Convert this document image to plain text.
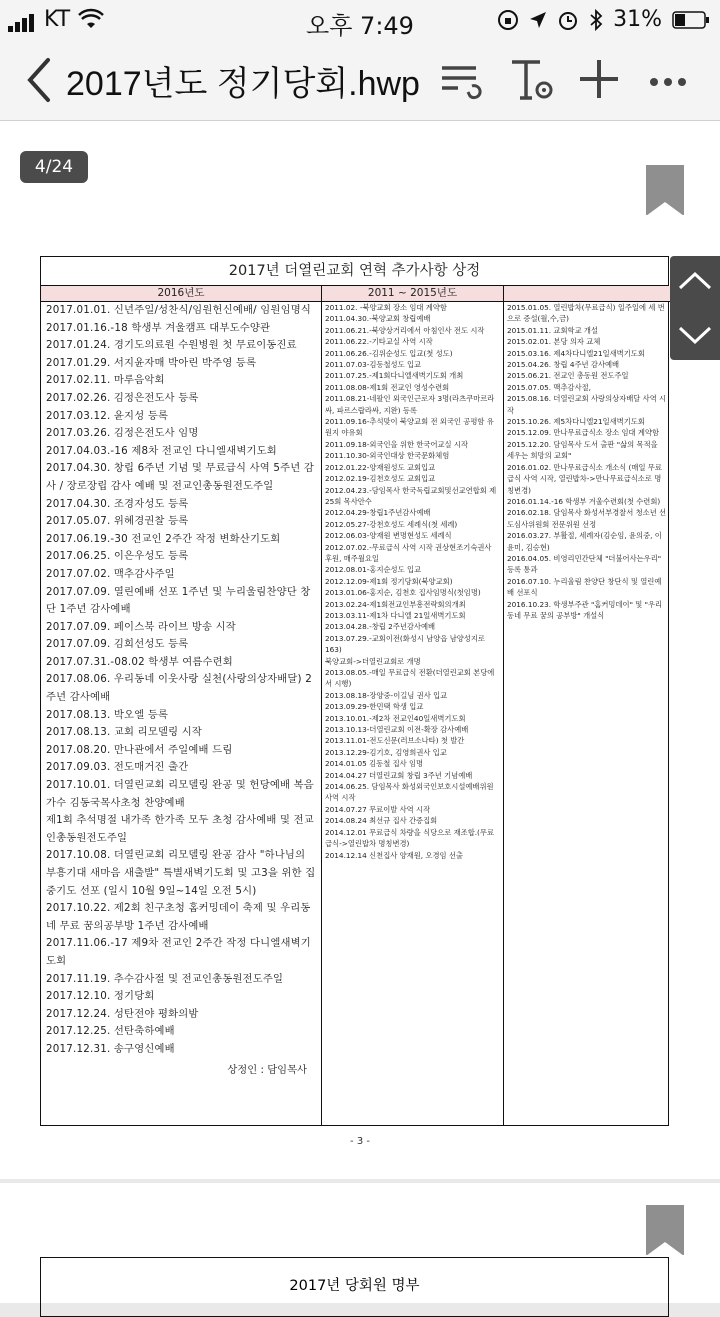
KT	오후 7:49	31%
2017년도 정기당회.hwp
2017년 더열린교회 연혁 추가사항 상정
2016년도
2017.01.01. 신년주일/성찬식/임원헌신예배/ 임원임명식
2017.01.16.-18 학생부 겨울캠프 대부도수양관
2017.01.24. 경기도의료원 수원병원 첫 무료이동진료
2017.01.29. 서지윤자매 박아린 박주영 등록
2017.02.11. 마루음악회
2017.02.26. 김정은전도사 등록
2017.03.12. 윤지성 등록
2017.03.26. 김정은전도사 임명
2017.04.03.-16 제8차 전교인 다니엘새벽기도회
2017.04.30. 창립 6주년 기념 및 무료급식 사역 5주년 감사 / 장로장립 감사 예배 및 전교인총동원전도주일
2017.04.30. 조경자성도 등록
2017.05.07. 위혜경권찰 등록
2017.06.19.-30 전교인 2주간 작정 변화산기도회
2017.06.25. 이은우성도 등록
2017.07.02. 맥추감사주일
2017.07.09. 열린예배 선포 1주년 및 누리울림찬양단 창단 1주년 감사예배
2017.07.09. 페이스북 라이브 방송 시작
2017.07.09. 김희선성도 등록
2017.07.31.-08.02 학생부 여름수련회
2017.08.06. 우리동네 이웃사랑 실천(사랑의상자배달) 2주년 감사예배
2017.08.13. 박오엘 등록
2017.08.13. 교회 리모델링 시작
2017.08.20. 만나관에서 주일예배 드림
2017.09.03. 전도매거진 출간
2017.10.01. 더열린교회 리모델링 완공 및 헌당예배 복음가수 김동국목사초청 찬양예배
제1회 추석명절 내가족 한가족 모두 초청 감사예배 및 전교인총동원전도주일
2017.10.08. 더열린교회 리모델링 완공 감사 "하나님의 부흥기대 새마음 새출발" 특별새벽기도회 및 고3을 위한 집중기도 선포 (일시 10월 9일~14일 오전 5시)
2017.10.22. 제2회 친구초청 홈커밍데이 축제 및 우리동네 무료 꿈의공부방 1주년 감사예배
2017.11.06.-17 제9차 전교인 2주간 작정 다니엘새벽기도회
2017.11.19. 추수감사절 및 전교인총동원전도주일
2017.12.10. 정기당회
2017.12.24. 성탄전야 평화의밤
2017.12.25. 선탄축하예배
2017.12.31. 송구영신예배
상정인 : 담임목사
2011 ~ 2015년도
2011.02. -북양교회 장소 임대 계약함
2011.04.30.-북양교회 창립예배
2011.06.21.-북양상거리에서 아침인사 전도 시작
2011.06.22.-기타교실 사역 시작
2011.06.26.-김위순성도 입교(첫 성도)
2011.07.03-김동철성도 입교
2011.07.25.-제1회다니엘새벽기도회 개최
2011.08.08-제1회 전교인 영성수련회
2011.08.21-네팔인 외국인근로자 3명(라츠쿠마르라싸, 파르스랍라싸, 지완) 등록
2011.09.16-추석맞이 북양교회 전 외국인 공평함 유원지 야유회
2011.09.18-외국인을 위한 한국어교실 시작
2011.10.30-외국인대상 한국문화체험
2012.01.22-양재원성도 교회입교
2012.02.19-김천호성도 교회입교
2012.04.23.-담임목사 한국독립교회및선교연합회 제25회 목사안수
2012.04.29-창립1주년감사예배
2012.05.27-강천호성도 세례식(첫 세례)
2012.06.03-양재원 변명현성도 세례식
2012.07.02.-무료급식 사역 시작 권상현조기숙권사 후원, 매주월요일
2012.08.01-홍지순성도 입교
2012.12.09-제1회 정기당회(북양교회)
2013.01.06-홍지순, 김천호 집사임명식(첫임명)
2013.02.24-제1회전교인부흥전략회의개최
2013.03.11-제1차 다니엘 21일새벽기도회
2013.04.28.-창립 2주년감사예배
2013.07.29.-교회이전(화성시 남양읍 남양성지로 163)
북양교회->더열린교회로 개명
2013.08.05.-매일 무료급식 전환(더열린교회 본당에서 시행)
2013.08.18-장양중-이길님 권사 입교
2013.09.29-한민택 학생 입교
2013.10.01.-제2차 전교인40일새벽기도회
2013.10.13-더열린교회 이전-확장 감사예배
2013.11.01-전도신문(러브소나타) 첫 발간
2013.12.29-김기호, 김영희권사 입교
2014.01.05 김동철 집사 임명
2014.04.27 더열린교회 창립 3주년 기념예배
2014.06.25. 담임목사 화성외국인보호시설예배위원 사역 시작
2014.07.27 무료이발 사역 시작
2014.08.24 최선규 집사 간증집회
2014.12.01 무료급식 차량을 식당으로 재조합.(무료급식->열린밥차 명칭변경)
2014.12.14 신천집사 양재원, 오경임 선출
2015.01.05. 열린밥차(무료급식) 일주일에 세 번으로 증설(월,수,금)
2015.01.11. 교회학교 개설
2015.02.01. 본당 의자 교체
2015.03.16. 제4차다니엘21일새벽기도회
2015.04.26. 창립 4주년 감사예배
2015.06.21. 전교인 총동원 전도주일
2015.07.05. 맥추감사절,
2015.08.16. 더열린교회 사랑의상자배달 사역 시작
2015.10.26. 제5차다니엘21일새벽기도회
2015.12.09. 만나무료급식소 장소 임대 계약함
2015.12.20. 담임목사 도서 출판 "삶의 목적을 세우는 희망의 교회"
2016.01.02. 만나무료급식소 개소식 (매일 무료급식 사역 시작, 열린밥차->만나무료급식소로 명칭변경)
2016.01.14.-16 학생부 겨울수련회(첫 수련회)
2016.02.18. 담임목사 화성서부경찰서 청소년 선도심사위원회 전문위원 선정
2016.03.27. 부활절, 세례자(김순임, 윤의중, 이윤미, 김승현)
2016.04.05. 비영리민간단체 "더불어사는우리" 등록 통과
2016.07.10. 누리울림 찬양단 창단식 및 열린예배 선포식
2016.10.23. 학생부주관 "홈커밍데이" 및 "우리동네 무료 꿈의 공부방" 개설식
- 3 -
2017년 당회원 명부
4/24
